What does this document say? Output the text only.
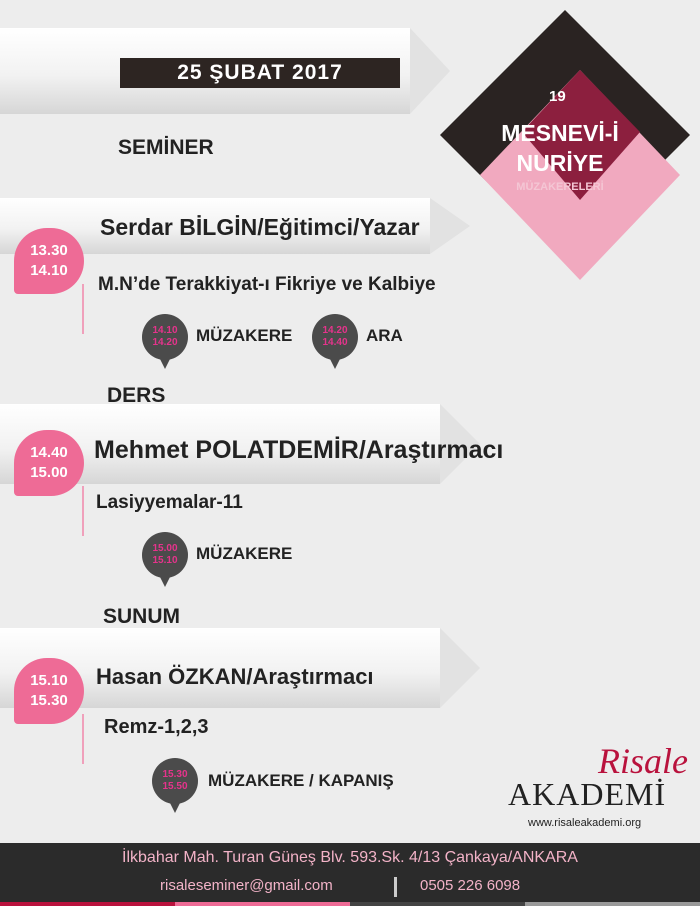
25 ŞUBAT 2017
SEMİNER
19
MESNEVİ-İ
NURİYE
MÜZAKERELERİ
13.30
14.10
Serdar BİLGİN/Eğitimci/Yazar
M.N’de Terakkiyat-ı Fikriye ve Kalbiye
14.10
14.20 MÜZAKERE	14.20
14.40 ARA
DERS
14.40
15.00
Mehmet POLATDEMİR/Araştırmacı
Lasiyyemalar-11
15.00
15.10 MÜZAKERE
SUNUM
15.10
15.30
Hasan ÖZKAN/Araştırmacı
Remz-1,2,3
15.30
15.50 MÜZAKERE / KAPANIŞ	Risale
AKADEMİ
www.risaleakademi.org
İlkbahar Mah. Turan Güneş Blv. 593.Sk. 4/13 Çankaya/ANKARA
risaleseminer@gmail.com	0505 226 6098
